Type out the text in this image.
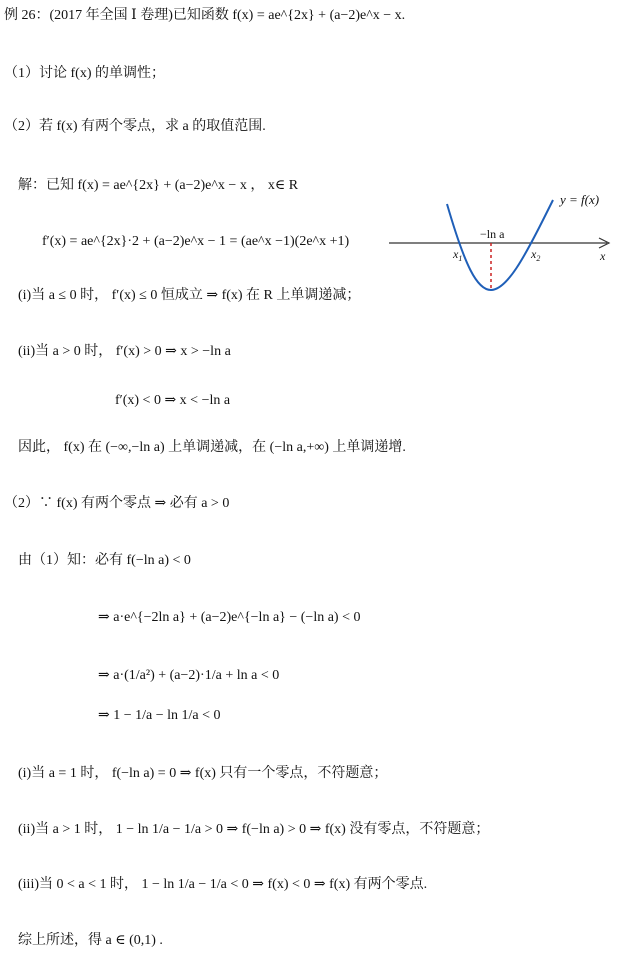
例 26：(2017 年全国 Ⅰ 卷理)已知函数 f(x) = ae^{2x} + (a−2)e^x − x.
（1）讨论 f(x) 的单调性；
（2）若 f(x) 有两个零点，求 a 的取值范围.
解：已知 f(x) = ae^{2x} + (a−2)e^x − x ， x∈ R
f′(x) = ae^{2x}·2 + (a−2)e^x − 1 = (ae^x −1)(2e^x +1)
(i)当 a ≤ 0 时， f′(x) ≤ 0 恒成立 ⇒ f(x) 在 R 上单调递减；
(ii)当 a > 0 时， f′(x) > 0 ⇒ x > −ln a
f′(x) < 0 ⇒ x < −ln a
因此， f(x) 在 (−∞,−ln a) 上单调递减，在 (−ln a,+∞) 上单调递增.
（2）∵ f(x) 有两个零点 ⇒ 必有 a > 0
由（1）知：必有 f(−ln a) < 0
⇒ a·e^{−2ln a} + (a−2)e^{−ln a} − (−ln a) < 0
⇒ a·(1/a²) + (a−2)·1/a + ln a < 0
⇒ 1 − 1/a − ln 1/a < 0
(i)当 a = 1 时， f(−ln a) = 0 ⇒ f(x) 只有一个零点，不符题意；
(ii)当 a > 1 时， 1 − ln 1/a − 1/a > 0 ⇒ f(−ln a) > 0 ⇒ f(x) 没有零点，不符题意；
(iii)当 0 < a < 1 时， 1 − ln 1/a − 1/a < 0 ⇒ f(x) < 0 ⇒ f(x) 有两个零点.
综上所述，得 a ∈ (0,1) .
y = f(x)
−ln a
$x_1$	$x_2$	x
